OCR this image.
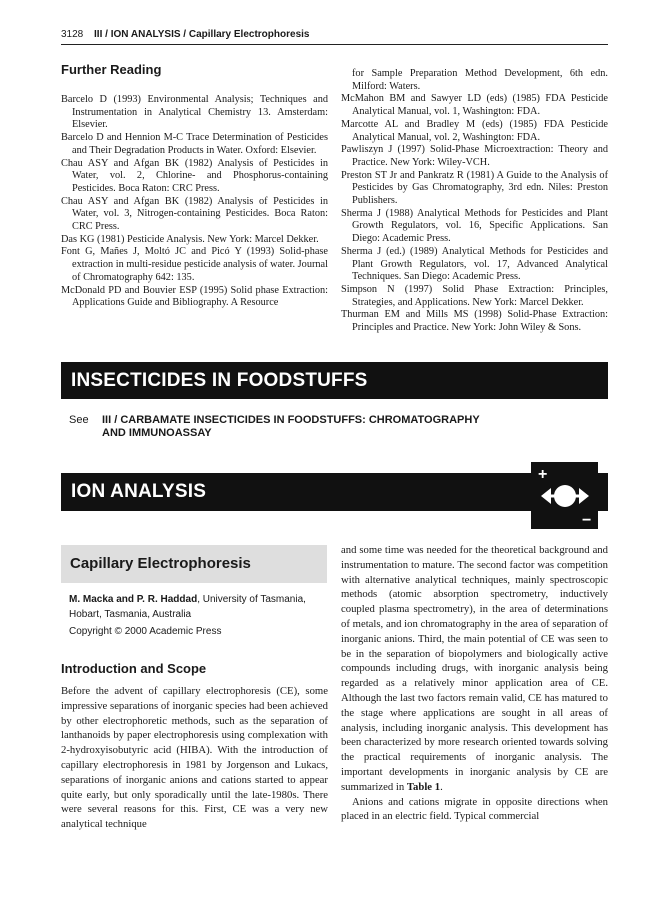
3128 III / ION ANALYSIS / Capillary Electrophoresis
Further Reading

Barcelo D (1993) Environmental Analysis; Techniques and Instrumentation in Analytical Chemistry 13. Amsterdam: Elsevier.

Barcelo D and Hennion M-C Trace Determination of Pesticides and Their Degradation Products in Water. Oxford: Elsevier.

Chau ASY and Afgan BK (1982) Analysis of Pesticides in Water, vol. 2, Chlorine- and Phosphorus-containing Pesticides. Boca Raton: CRC Press.

Chau ASY and Afgan BK (1982) Analysis of Pesticides in Water, vol. 3, Nitrogen-containing Pesticides. Boca Raton: CRC Press.

Das KG (1981) Pesticide Analysis. New York: Marcel Dekker.

Font G, Mañes J, Moltó JC and Picó Y (1993) Solid-phase extraction in multi-residue pesticide analysis of water. Journal of Chromatography 642: 135.

McDonald PD and Bouvier ESP (1995) Solid phase Extraction: Applications Guide and Bibliography. A Resource

for Sample Preparation Method Development, 6th edn. Milford: Waters.

McMahon BM and Sawyer LD (eds) (1985) FDA Pesticide Analytical Manual, vol. 1, Washington: FDA.

Marcotte AL and Bradley M (eds) (1985) FDA Pesticide Analytical Manual, vol. 2, Washington: FDA.

Pawliszyn J (1997) Solid-Phase Microextraction: Theory and Practice. New York: Wiley-VCH.

Preston ST Jr and Pankratz R (1981) A Guide to the Analysis of Pesticides by Gas Chromatography, 3rd edn. Niles: Preston Publishers.

Sherma J (1988) Analytical Methods for Pesticides and Plant Growth Regulators, vol. 16, Specific Applications. San Diego: Academic Press.

Sherma J (ed.) (1989) Analytical Methods for Pesticides and Plant Growth Regulators, vol. 17, Advanced Analytical Techniques. San Diego: Academic Press.

Simpson N (1997) Solid Phase Extraction: Principles, Strategies, and Applications. New York: Marcel Dekker.

Thurman EM and Mills MS (1998) Solid-Phase Extraction: Principles and Practice. New York: John Wiley & Sons.

INSECTICIDES IN FOODSTUFFS
See III / CARBAMATE INSECTICIDES IN FOODSTUFFS: CHROMATOGRAPHY
AND IMMUNOASSAY
ION ANALYSIS
+
−
Capillary Electrophoresis
M. Macka and P. R. Haddad, University of Tasmania, Hobart, Tasmania, Australia
Copyright © 2000 Academic Press
Introduction and Scope

Before the advent of capillary electrophoresis (CE), some impressive separations of inorganic species had been achieved by other electrophoretic methods, such as the separation of lanthanoids by paper electrophoresis using complexation with 2-hydroxyisobutyric acid (HIBA). With the introduction of capillary electrophoresis in 1981 by Jorgenson and Lukacs, separations of inorganic anions and cations started to appear quite early, but only sporadically until the late-1980s. There were several reasons for this. First, CE was a very new analytical technique

and some time was needed for the theoretical background and instrumentation to mature. The second factor was competition with alternative analytical techniques, mainly spectroscopic methods (atomic absorption spectrometry, inductively coupled plasma spectrometry), in the area of determinations of metals, and ion chromatography in the area of separation of inorganic anions. Third, the main potential of CE was seen to be in the separation of biopolymers and biologically active compounds including drugs, with inorganic analysis being regarded as a relatively minor application area of CE. Although the last two factors remain valid, CE has matured to the stage where applications are sought in all areas of analysis, including inorganic analysis. This development has been characterized by more research oriented towards solving the practical requirements of inorganic analysis. The important developments in inorganic analysis by CE are summarized in Table 1.

Anions and cations migrate in opposite directions when placed in an electric field. Typical commercial
